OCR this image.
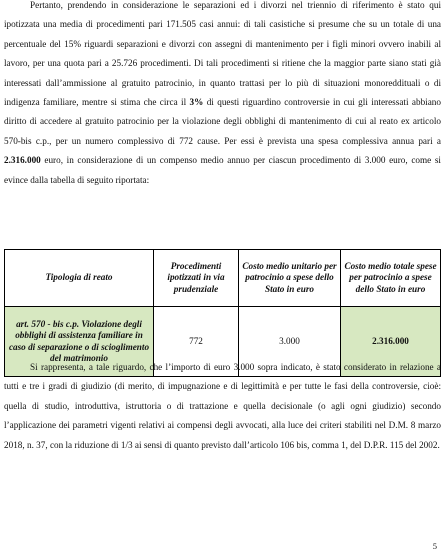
Pertanto, prendendo in considerazione le separazioni ed i divorzi nel triennio di riferimento è stato qui ipotizzata una media di procedimenti pari 171.505 casi annui: di tali casistiche si presume che su un totale di una percentuale del 15% riguardi separazioni e divorzi con assegni di mantenimento per i figli minori ovvero inabili al lavoro, per una quota pari a 25.726 procedimenti. Di tali procedimenti si ritiene che la maggior parte siano stati già interessati dall’ammissione al gratuito patrocinio, in quanto trattasi per lo più di situazioni monoreddituali o di indigenza familiare, mentre si stima che circa il 3% di questi riguardino controversie in cui gli interessati abbiano diritto di accedere al gratuito patrocinio per la violazione degli obblighi di mantenimento di cui al reato ex articolo 570-bis c.p., per un numero complessivo di 772 cause. Per essi è prevista una spesa complessiva annua pari a 2.316.000 euro, in considerazione di un compenso medio annuo per ciascun procedimento di 3.000 euro, come si evince dalla tabella di seguito riportata:

Tipologia di reato	Procedimenti ipotizzati in via prudenziale	Costo medio unitario per patrocinio a spese dello Stato in euro	Costo medio totale spese per patrocinio a spese dello Stato in euro
art. 570 - bis c.p. Violazione degli obblighi di assistenza familiare in caso di separazione o di scioglimento del matrimonio	772	3.000	2.316.000

Si rappresenta, a tale riguardo, che l’importo di euro 3.000 sopra indicato, è stato considerato in relazione a tutti e tre i gradi di giudizio (di merito, di impugnazione e di legittimità e per tutte le fasi della controversie, cioè: quella di studio, introduttiva, istruttoria o di trattazione e quella decisionale (o agli ogni giudizio) secondo l’applicazione dei parametri vigenti relativi ai compensi degli avvocati, alla luce dei criteri stabiliti nel D.M. 8 marzo 2018, n. 37, con la riduzione di 1/3 ai sensi di quanto previsto dall’articolo 106 bis, comma 1, del D.P.R. 115 del 2002.

5
